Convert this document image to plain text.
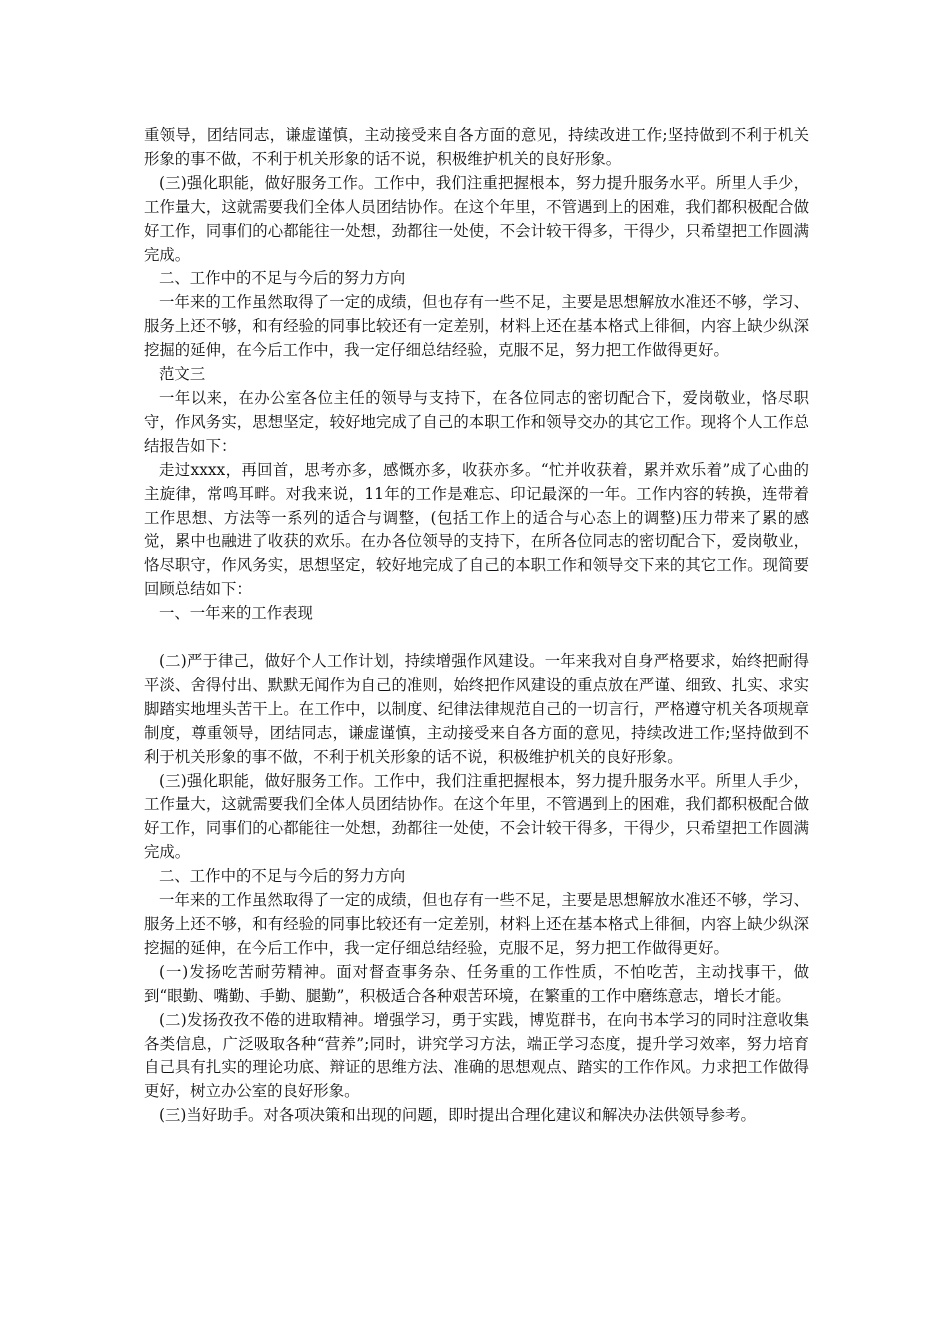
重领导，团结同志，谦虚谨慎，主动接受来自各方面的意见，持续改进工作;坚持做到不利于机关形象的事不做，不利于机关形象的话不说，积极维护机关的良好形象。

(三)强化职能，做好服务工作。工作中，我们注重把握根本，努力提升服务水平。所里人手少，工作量大，这就需要我们全体人员团结协作。在这个年里，不管遇到上的困难，我们都积极配合做好工作，同事们的心都能往一处想，劲都往一处使，不会计较干得多，干得少，只希望把工作圆满完成。

二、工作中的不足与今后的努力方向

一年来的工作虽然取得了一定的成绩，但也存有一些不足，主要是思想解放水准还不够，学习、服务上还不够，和有经验的同事比较还有一定差别，材料上还在基本格式上徘徊，内容上缺少纵深挖掘的延伸，在今后工作中，我一定仔细总结经验，克服不足，努力把工作做得更好。

范文三

一年以来，在办公室各位主任的领导与支持下，在各位同志的密切配合下，爱岗敬业，恪尽职守，作风务实，思想坚定，较好地完成了自己的本职工作和领导交办的其它工作。现将个人工作总结报告如下：

走过xxxx，再回首，思考亦多，感慨亦多，收获亦多。“忙并收获着，累并欢乐着”成了心曲的主旋律，常鸣耳畔。对我来说，11年的工作是难忘、印记最深的一年。工作内容的转换，连带着工作思想、方法等一系列的适合与调整，(包括工作上的适合与心态上的调整)压力带来了累的感觉，累中也融进了收获的欢乐。在办各位领导的支持下，在所各位同志的密切配合下，爱岗敬业，恪尽职守，作风务实，思想坚定，较好地完成了自己的本职工作和领导交下来的其它工作。现简要回顾总结如下：

一、一年来的工作表现

(二)严于律己，做好个人工作计划，持续增强作风建设。一年来我对自身严格要求，始终把耐得平淡、舍得付出、默默无闻作为自己的准则，始终把作风建设的重点放在严谨、细致、扎实、求实脚踏实地埋头苦干上。在工作中，以制度、纪律法律规范自己的一切言行，严格遵守机关各项规章制度，尊重领导，团结同志，谦虚谨慎，主动接受来自各方面的意见，持续改进工作;坚持做到不利于机关形象的事不做，不利于机关形象的话不说，积极维护机关的良好形象。

(三)强化职能，做好服务工作。工作中，我们注重把握根本，努力提升服务水平。所里人手少，工作量大，这就需要我们全体人员团结协作。在这个年里，不管遇到上的困难，我们都积极配合做好工作，同事们的心都能往一处想，劲都往一处使，不会计较干得多，干得少，只希望把工作圆满完成。

二、工作中的不足与今后的努力方向

一年来的工作虽然取得了一定的成绩，但也存有一些不足，主要是思想解放水准还不够，学习、服务上还不够，和有经验的同事比较还有一定差别，材料上还在基本格式上徘徊，内容上缺少纵深挖掘的延伸，在今后工作中，我一定仔细总结经验，克服不足，努力把工作做得更好。

(一)发扬吃苦耐劳精神。面对督查事务杂、任务重的工作性质，不怕吃苦，主动找事干，做到“眼勤、嘴勤、手勤、腿勤”，积极适合各种艰苦环境，在繁重的工作中磨练意志，增长才能。

(二)发扬孜孜不倦的进取精神。增强学习，勇于实践，博览群书，在向书本学习的同时注意收集各类信息，广泛吸取各种“营养”;同时，讲究学习方法，端正学习态度，提升学习效率，努力培育自己具有扎实的理论功底、辩证的思维方法、准确的思想观点、踏实的工作作风。力求把工作做得更好，树立办公室的良好形象。

(三)当好助手。对各项决策和出现的问题，即时提出合理化建议和解决办法供领导参考。
